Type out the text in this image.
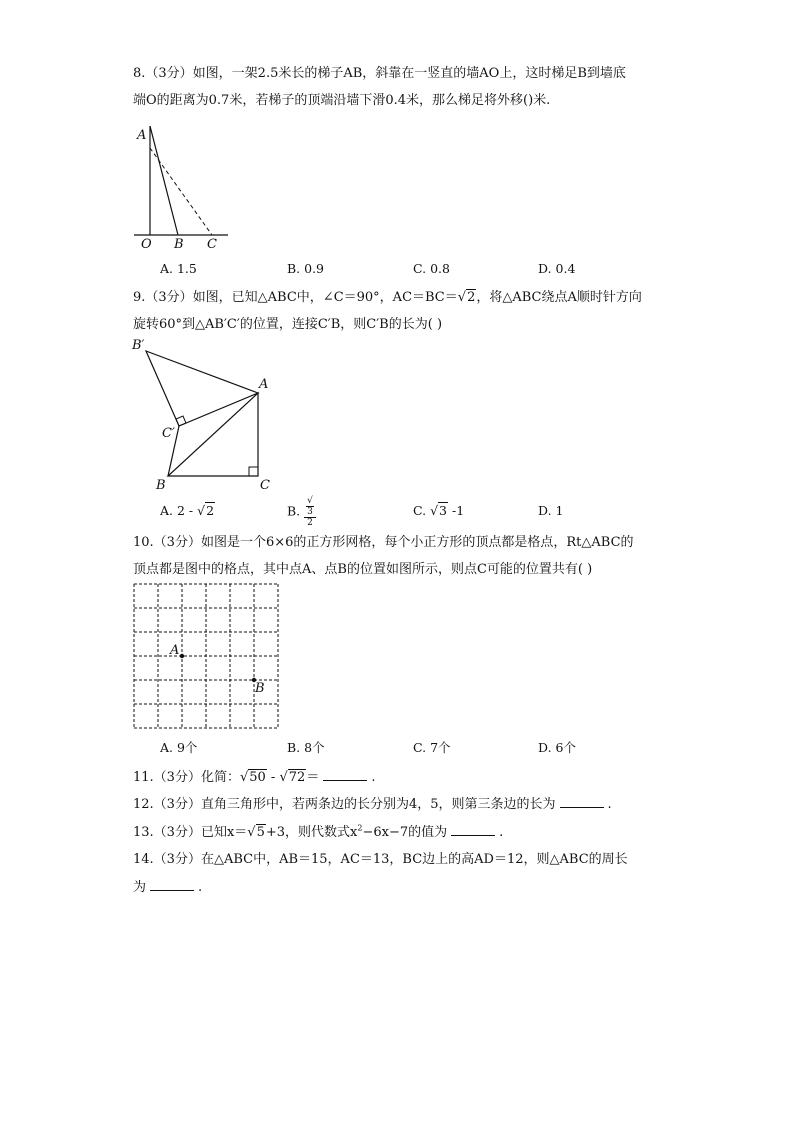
8.（3分）如图，一架2.5米长的梯子AB，斜靠在一竖直的墙AO上，这时梯足B到墙底
端O的距离为0.7米，若梯子的顶端沿墙下滑0.4米，那么梯足将外移()米.
A
O B C
A. 1.5	B. 0.9	C. 0.8	D. 0.4
9.（3分）如图，已知△ABC中，∠C＝90°，AC＝BC＝√2，将△ABC绕点A顺时针方向
旋转60°到△AB′C′的位置，连接C′B，则C′B的长为( )
B′
A
C′
B	C
A. 2 - √2	B. √
3
2	C. √3 -1	D. 1
10.（3分）如图是一个6×6的正方形网格，每个小正方形的顶点都是格点，Rt△ABC的
顶点都是图中的格点，其中点A、点B的位置如图所示，则点C可能的位置共有( )
A
B
A. 9个	B. 8个	C. 7个	D. 6个
11.（3分）化简：√50 - √72＝	.
12.（3分）直角三角形中，若两条边的长分别为4，5，则第三条边的长为	.
13.（3分）已知x＝√5+3，则代数式$x^2-6x-7$的值为	.
14.（3分）在△ABC中，AB＝15，AC＝13，BC边上的高AD＝12，则△ABC的周长
为	.
